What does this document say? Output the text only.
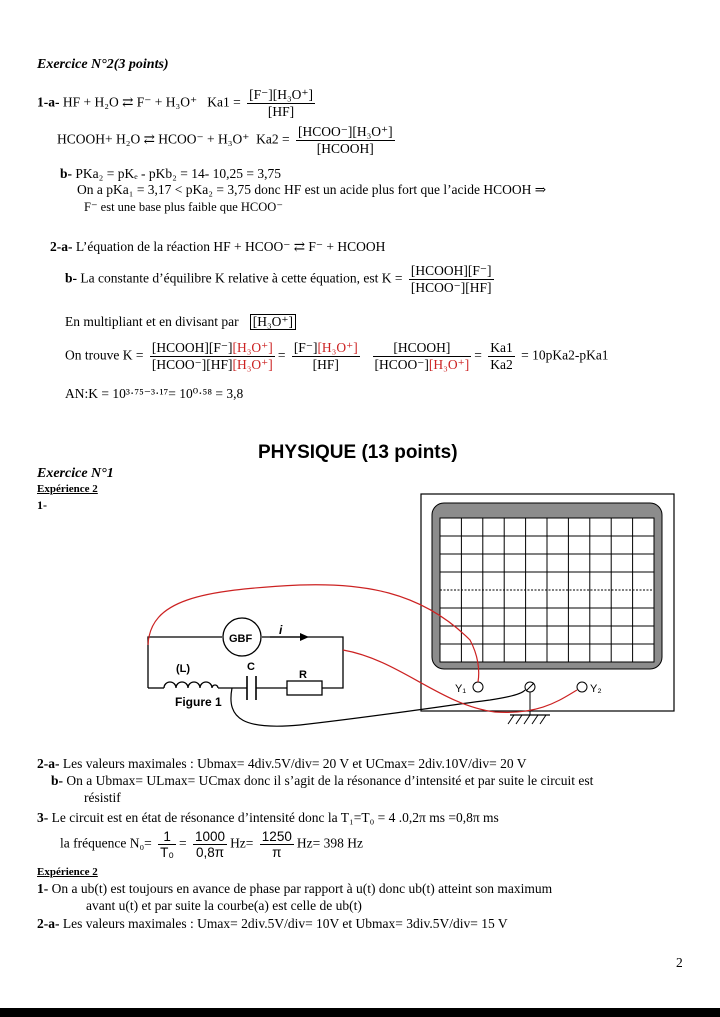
Exercice N°2(3 points)
1-a- HF + H₂O ⇄ F⁻ + H₃O⁺ $Ka1 = \frac{\text{[F⁻][H₃O⁺]}}{[HF]}$
HCOOH+ H₂O ⇄ HCOO⁻ + H₃O⁺ $Ka2 = \frac{\text{[HCOO⁻][H₃O⁺]}}{\text{[HCOOH]}}$
b- PKa₂ = pKₑ - pKb₂ = 14- 10,25 = 3,75
On a pKa₁ = 3,17 < pKa₂ = 3,75 donc HF est un acide plus fort que l’acide HCOOH ⇒
F⁻ est une base plus faible que HCOO⁻
2-a- L’équation de la réaction HF + HCOO⁻ ⇄ F⁻ + HCOOH
b- La constante d’équilibre K relative à cette équation, est $K = \frac{\text{[HCOOH][F⁻]}}{\text{[HCOO⁻][HF]}}$
En multipliant et en divisant par [H₃O⁺]
On trouve $K = \frac{\text{[HCOOH][F⁻][H₃O⁺]}}{\text{[HCOO⁻][HF][H₃O⁺]}} = \frac{\text{[F⁻][H₃O⁺]}}{[HF]}$
$\frac{\text{[HCOOH]}}{\text{[HCOO⁻][H₃O⁺]}} = \frac{Ka1}{Ka2} = 10pKa2-pKa1$
AN:K = 10³·⁷⁵⁻³·¹⁷= 10⁰·⁵⁸ = 3,8
PHYSIQUE (13 points)
Exercice N°1
Expérience 2
1-
Y₁	Y₂
GBF
i
(L)	C
R
Figure 1
2-a- Les valeurs maximales : Ubmax= 4div.5V/div= 20 V et UCmax= 2div.10V/div= 20 V
b- On a Ubmax= ULmax= UCmax donc il s’agit de la résonance d’intensité et par suite le circuit est
résistif
3- Le circuit est en état de résonance d’intensité donc la T₁=T₀ = 4 .0,2π ms =0,8π ms
la fréquence $N_0= \frac{1}{\text{T₀}} = \frac{1000}{0,8\pi} Hz= \frac{1250}{\pi} Hz= 398$ Hz
Expérience 2
1- On a ub(t) est toujours en avance de phase par rapport à u(t) donc ub(t) atteint son maximum
avant u(t) et par suite la courbe(a) est celle de ub(t)
2-a- Les valeurs maximales : Umax= 2div.5V/div= 10V et Ubmax= 3div.5V/div= 15 V
2
